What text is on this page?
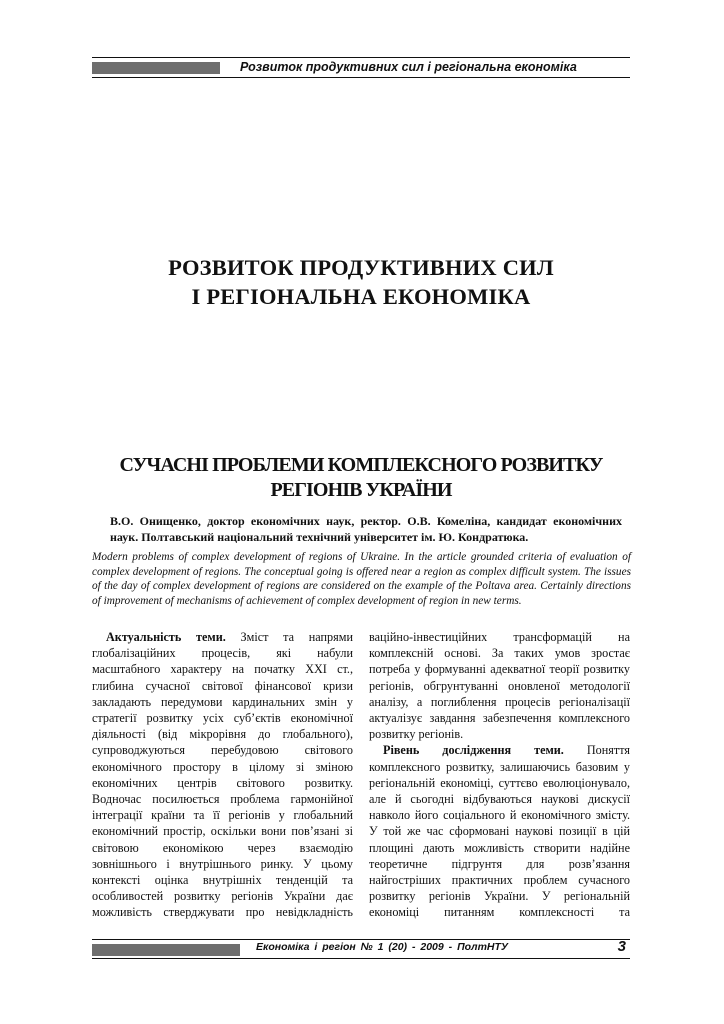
Розвиток продуктивних сил і регіональна економіка
РОЗВИТОК ПРОДУКТИВНИХ СИЛ
І РЕГІОНАЛЬНА ЕКОНОМІКА
СУЧАСНІ ПРОБЛЕМИ КОМПЛЕКСНОГО РОЗВИТКУ
РЕГІОНІВ УКРАЇНИ
В.О. Онищенко, доктор економічних наук, ректор. О.В. Комеліна, кандидат економічних наук. Полтавський національний технічний університет ім. Ю. Кондратюка.
Modern problems of complex development of regions of Ukraine. In the article grounded criteria of evaluation of complex development of regions. The conceptual going is offered near a region as complex difficult system. The issues of the day of complex development of regions are considered on the example of the Poltava area. Certainly directions of improvement of mechanisms of achievement of complex development of region in new terms.

Актуальність теми. Зміст та напрями глобалізаційних процесів, які набули масштабного характеру на початку XXI ст., глибина сучасної світової фінансової кризи закладають передумови кардинальних змін у стратегії розвитку усіх суб’єктів економічної діяльності (від мікрорівня до глобального), супроводжуються перебудовою світового економічного простору в цілому зі зміною економічних центрів світового розвитку. Водночас посилюється проблема гармонійної інтеграції країни та її регіонів у глобальний економічний простір, оскільки вони пов’язані зі світовою економікою через взаємодію зовнішнього і внутрішнього ринку. У цьому контексті оцінка внутрішніх тенденцій та особливостей розвитку регіонів України дає можливість стверджувати про невідкладність

ваційно-інвестиційних трансформацій на комплексній основі. За таких умов зростає потреба у формуванні адекватної теорії розвитку регіонів, обгрунтуванні оновленої методології аналізу, а поглиблення процесів регіоналізації актуалізує завдання забезпечення комплексного розвитку регіонів.

Рівень дослідження теми. Поняття комплексного розвитку, залишаючись базовим у регіональній економіці, суттєво еволюціонувало, але й сьогодні відбуваються наукові дискусії навколо його соціального й економічного змісту. У той же час сформовані наукові позиції в цій площині дають можливість створити надійне теоретичне підгрунтя для розв’язання найгостріших практичних проблем сучасного розвитку регіонів України. У регіональній економіці питанням комплексності та

Економіка і регіон № 1 (20) - 2009 - ПолтНТУ	3
